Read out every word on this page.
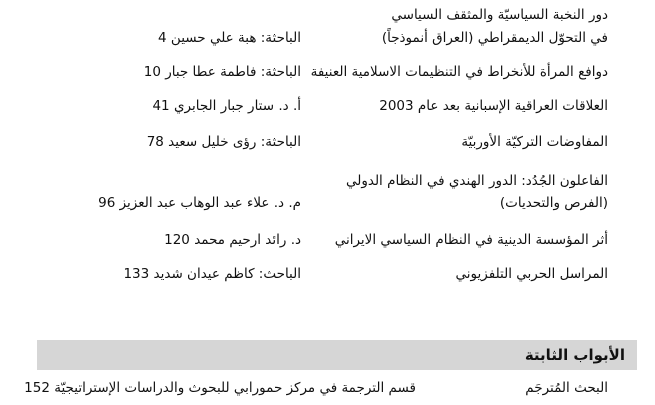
دور النخبة السياسيّة والمثقف السياسي
في التحوّل الديمقراطي (العراق أنموذجاً)
الباحثة: هبة علي حسين 4
دوافع المرأة للأنخراط في التنظيمات الاسلامية العنيفة
الباحثة: فاطمة عطا جبار 10
العلاقات العراقية الإسبانية بعد عام 2003
أ. د. ستار جبار الجابري 41
المفاوضات التركيّة الأوربيّة
الباحثة: رؤى خليل سعيد 78
الفاعلون الجُدُد: الدور الهندي في النظام الدولي
(الفرص والتحديات)
م. د. علاء عبد الوهاب عبد العزيز 96
أثر المؤسسة الدينية في النظام السياسي الايراني
د. رائد ارحيم محمد 120
المراسل الحربي التلفزيوني
الباحث: كاظم عيدان شديد 133
الأبواب الثابتة
البحث المُترجَم
قسم الترجمة في مركز حمورابي للبحوث والدراسات الإستراتيجيّة 152
